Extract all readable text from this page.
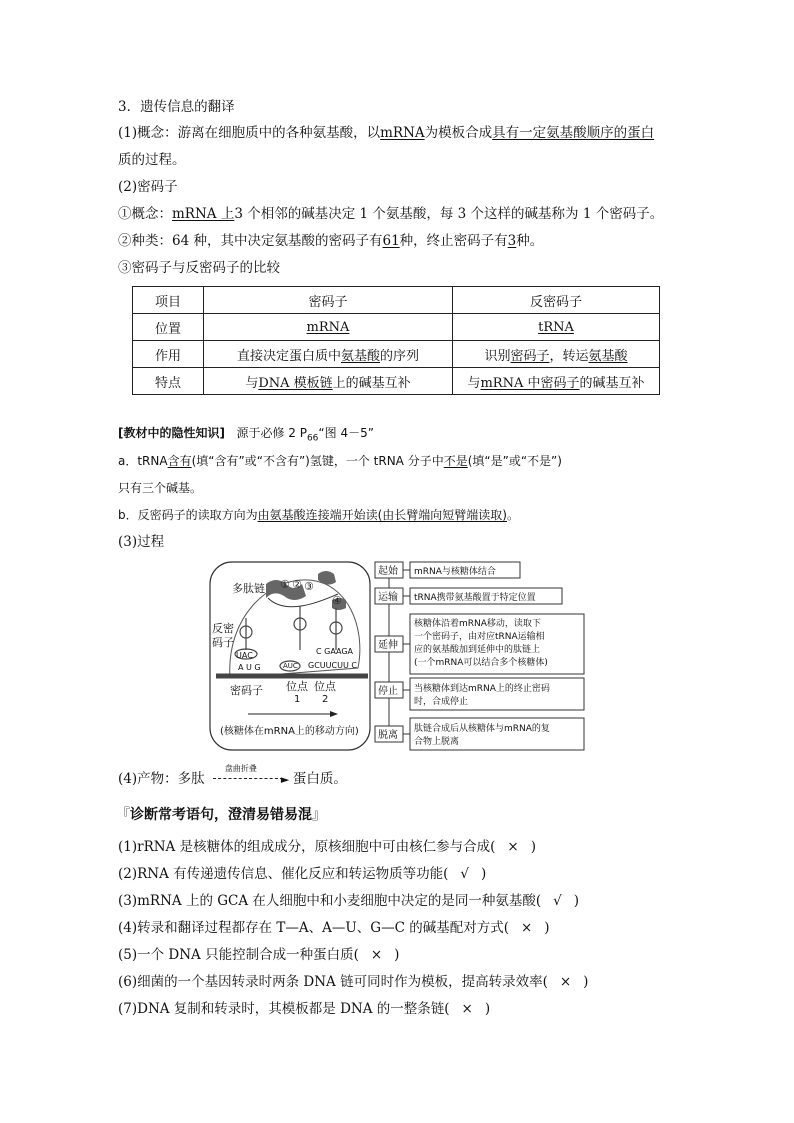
3．遗传信息的翻译
(1)概念：游离在细胞质中的各种氨基酸，以mRNA为模板合成具有一定氨基酸顺序的蛋白
质的过程。
(2)密码子
①概念：mRNA 上3 个相邻的碱基决定 1 个氨基酸，每 3 个这样的碱基称为 1 个密码子。
②种类：64 种，其中决定氨基酸的密码子有61种，终止密码子有3种。
③密码子与反密码子的比较
项目	密码子	反密码子
位置	mRNA	tRNA
作用	直接决定蛋白质中氨基酸的序列	识别密码子，转运氨基酸
特点	与DNA 模板链上的碱基互补	与mRNA 中密码子的碱基互补
[教材中的隐性知识] 源于必修 2 $P_{66}“$图 4－5”
a．tRNA含有(填“含有”或“不含有”)氢键，一个 tRNA 分子中不是(填“是”或“不是”)
只有三个碱基。
b．反密码子的读取方向为由氨基酸连接端开始读(由长臂端向短臂端读取)。
(3)过程
① ② ③
④
多肽链
反密
码子
UAC
A U G	AUC
C GAAGA
GCUUCUU C
密码子 位点
1
位点
2
(核糖体在mRNA上的移动方向)
起始 mRNA与核糖体结合
运输 tRNA携带氨基酸置于特定位置
延伸
核糖体沿着mRNA移动，读取下
一个密码子，由对应tRNA运输相
应的氨基酸加到延伸中的肽链上
(一个mRNA可以结合多个核糖体)
停止 当核糖体到达mRNA上的终止密码
时，合成停止
脱离
肽链合成后从核糖体与mRNA的复
合物上脱离
(4)产物：多肽
盘曲折叠
► 蛋白质。
『诊断常考语句，澄清易错易混』
(1)rRNA 是核糖体的组成成分，原核细胞中可由核仁参与合成( × )
(2)RNA 有传递遗传信息、催化反应和转运物质等功能( √ )
(3)mRNA 上的 GCA 在人细胞中和小麦细胞中决定的是同一种氨基酸( √ )
(4)转录和翻译过程都存在 T—A、A—U、G—C 的碱基配对方式( × )
(5)一个 DNA 只能控制合成一种蛋白质( × )
(6)细菌的一个基因转录时两条 DNA 链可同时作为模板，提高转录效率( × )
(7)DNA 复制和转录时，其模板都是 DNA 的一整条链( × )
